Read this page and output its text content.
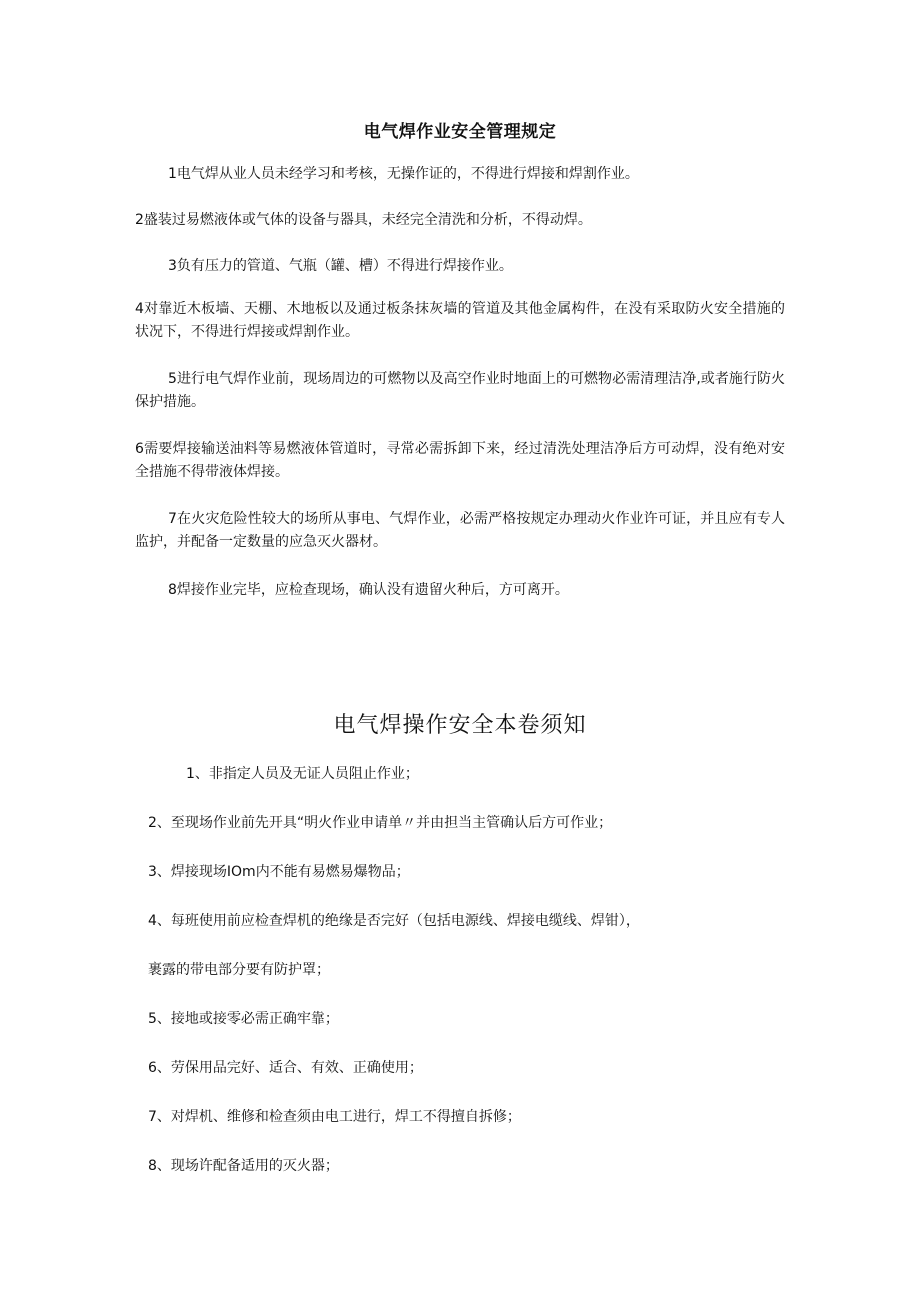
电气焊作业安全管理规定
1电气焊从业人员未经学习和考核，无操作证的，不得进行焊接和焊割作业。
2盛装过易燃液体或气体的设备与器具，未经完全清洗和分析，不得动焊。
3负有压力的管道、气瓶（罐、槽）不得进行焊接作业。
4对靠近木板墙、天棚、木地板以及通过板条抹灰墙的管道及其他金属构件，在没有采取防火安全措施的状况下，不得进行焊接或焊割作业。
5进行电气焊作业前，现场周边的可燃物以及高空作业时地面上的可燃物必需清理洁净,或者施行防火保护措施。
6需要焊接输送油料等易燃液体管道时，寻常必需拆卸下来，经过清洗处理洁净后方可动焊，没有绝对安全措施不得带液体焊接。
7在火灾危险性较大的场所从事电、气焊作业，必需严格按规定办理动火作业许可证，并且应有专人监护，并配备一定数量的应急灭火器材。
8焊接作业完毕，应检查现场，确认没有遗留火种后，方可离开。
电气焊操作安全本卷须知
1、非指定人员及无证人员阻止作业；
2、至现场作业前先开具“明火作业申请单〃并由担当主管确认后方可作业；
3、焊接现场IOm内不能有易燃易爆物品；
4、每班使用前应检查焊机的绝缘是否完好（包括电源线、焊接电缆线、焊钳），
裹露的带电部分要有防护罩；
5、接地或接零必需正确牢靠；
6、劳保用品完好、适合、有效、正确使用；
7、对焊机、维修和检查须由电工进行，焊工不得擅自拆修；
8、现场许配备适用的灭火器；
